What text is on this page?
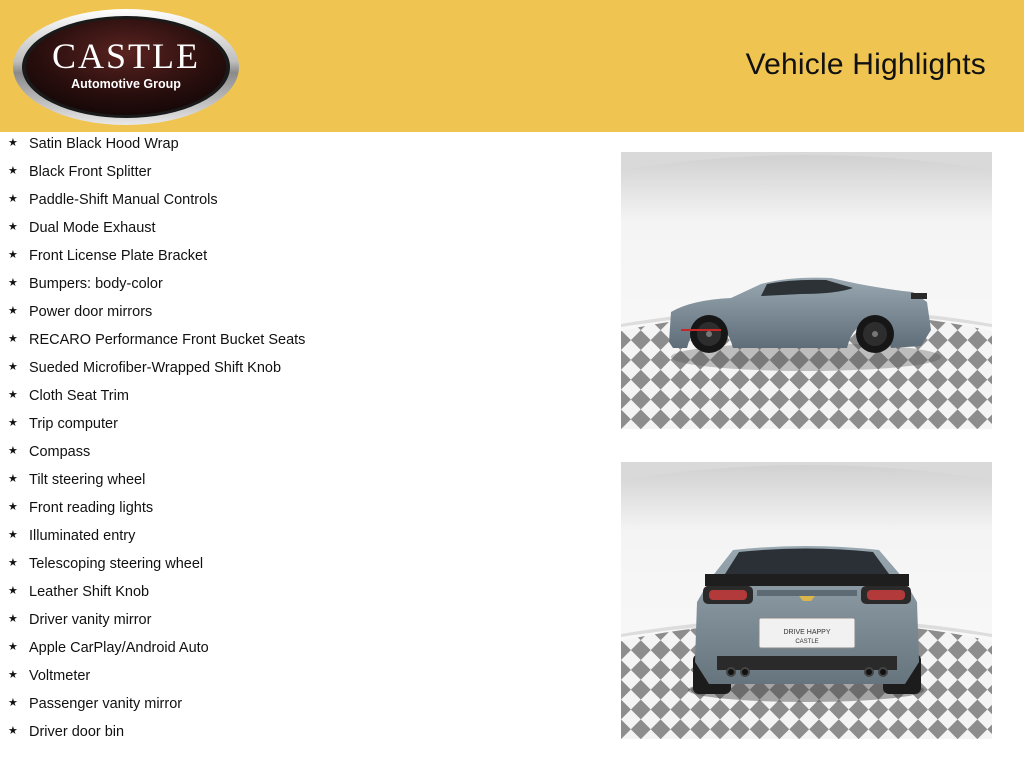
CASTLE
Automotive Group
Vehicle Highlights
★ Satin Black Hood Wrap
★ Black Front Splitter
★ Paddle-Shift Manual Controls
★ Dual Mode Exhaust
★ Front License Plate Bracket
★ Bumpers: body-color
★ Power door mirrors
★ RECARO Performance Front Bucket Seats
★ Sueded Microfiber-Wrapped Shift Knob
★ Cloth Seat Trim
★ Trip computer
★ Compass
★ Tilt steering wheel
★ Front reading lights
★ Illuminated entry
★ Telescoping steering wheel
★ Leather Shift Knob
★ Driver vanity mirror
★ Apple CarPlay/Android Auto
★ Voltmeter
★ Passenger vanity mirror
★ Driver door bin
DRIVE HAPPY
CASTLE
